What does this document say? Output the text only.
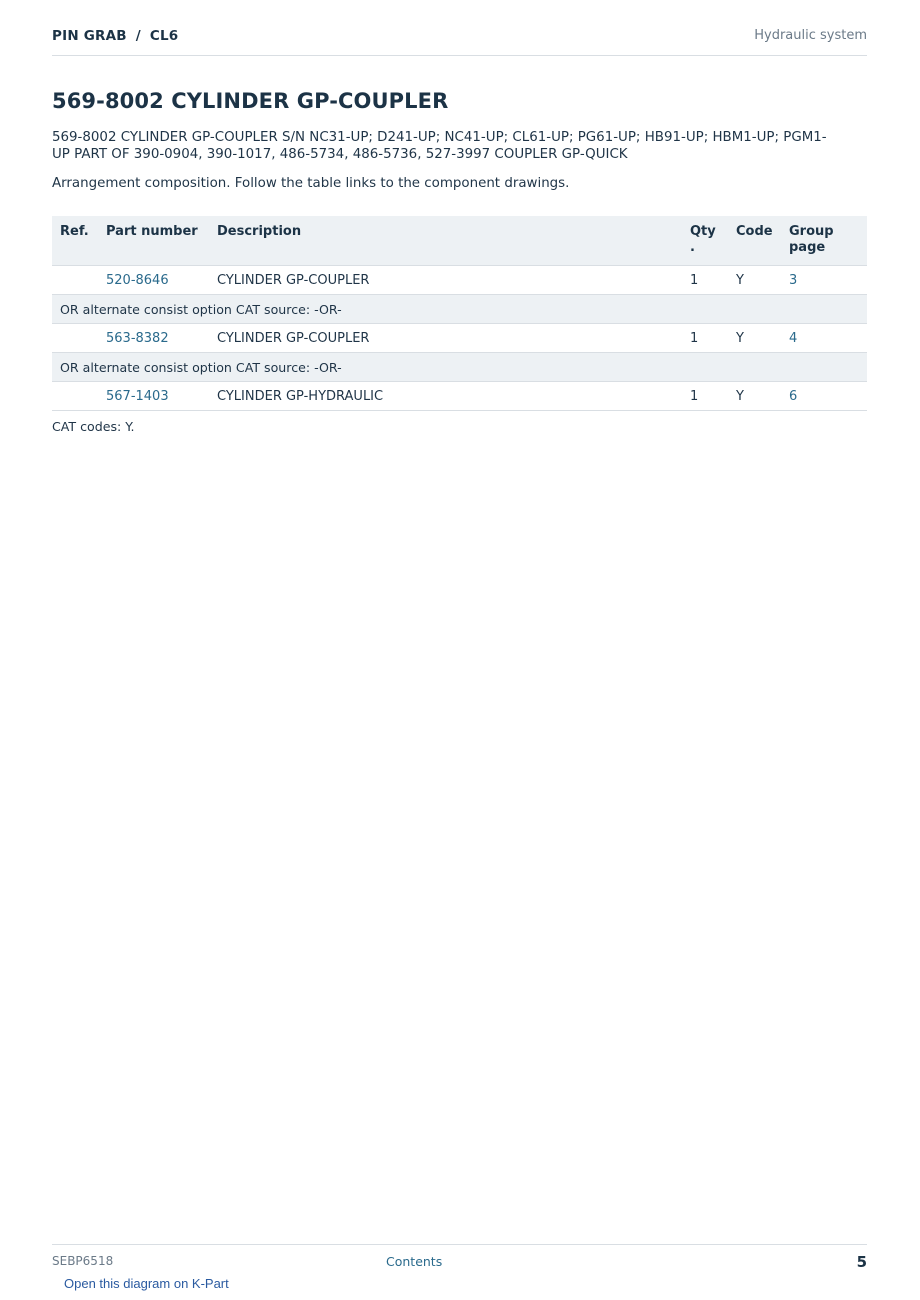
PIN GRAB / CL6	Hydraulic system
569-8002 CYLINDER GP-COUPLER

569-8002 CYLINDER GP-COUPLER S/N NC31-UP; D241-UP; NC41-UP; CL61-UP; PG61-UP; HB91-UP; HBM1-UP; PGM1-UP PART OF 390-0904, 390-1017, 486-5734, 486-5736, 527-3997 COUPLER GP-QUICK

Arrangement composition. Follow the table links to the component drawings.

Ref.	Part number	Description	Qty .	Code	Group page
	520-8646	CYLINDER GP-COUPLER	1	Y	3
OR alternate consist option CAT source: -OR-					
	563-8382	CYLINDER GP-COUPLER	1	Y	4
OR alternate consist option CAT source: -OR-					
	567-1403	CYLINDER GP-HYDRAULIC	1	Y	6

CAT codes: Y.

SEBP6518	Contents	5
Open this diagram on K-Part
